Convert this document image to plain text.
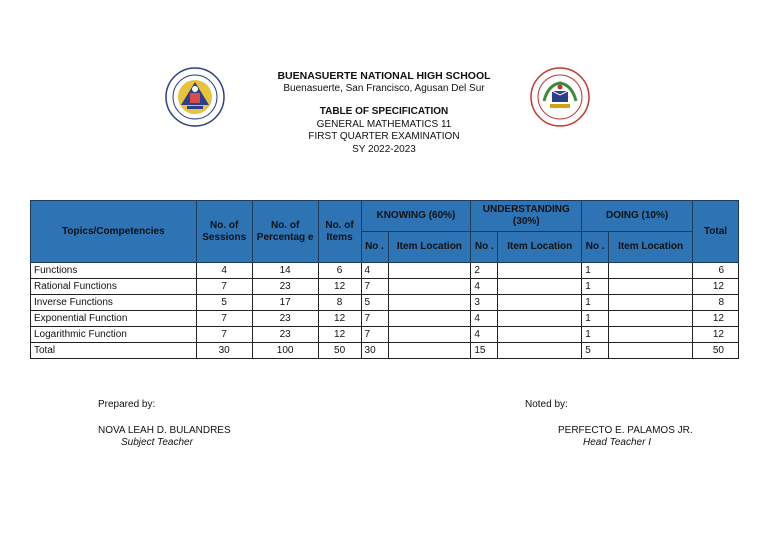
BUENASUERTE NATIONAL HIGH SCHOOL
Buenasuerte, San Francisco, Agusan Del Sur
TABLE OF SPECIFICATION
GENERAL MATHEMATICS 11
FIRST QUARTER EXAMINATION
SY 2022-2023
Topics/Competencies	No. of Sessions	No. of Percentag e	No. of Items	KNOWING (60%)		UNDERSTANDING (30%)		DOING (10%)		Total
				No .	Item Location	No .	Item Location	No .	Item Location	
Functions	4	14	6	4		2		1		6
Rational Functions	7	23	12	7		4		1		12
Inverse Functions	5	17	8	5		3		1		8
Exponential Function	7	23	12	7		4		1		12
Logarithmic Function	7	23	12	7		4		1		12
Total	30	100	50	30		15		5		50
Prepared by:
NOVA LEAH D. BULANDRES
Subject Teacher
Noted by:
PERFECTO E. PALAMOS JR.
Head Teacher I
